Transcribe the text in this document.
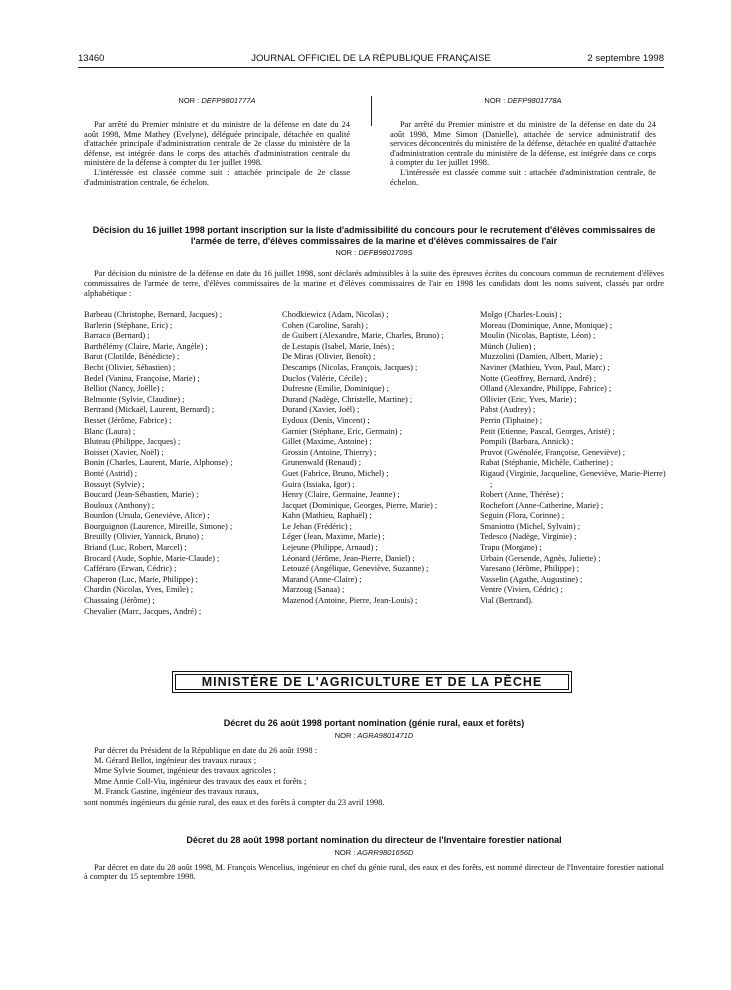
13460	JOURNAL OFFICIEL DE LA RÉPUBLIQUE FRANÇAISE	2 septembre 1998
NOR : DEFP9801777A

Par arrêté du Premier ministre et du ministre de la défense en date du 24 août 1998, Mme Mathey (Evelyne), déléguée principale, détachée en qualité d'attachée principale d'administration centrale de 2e classe du ministère de la défense, est intégrée dans le corps des attachés d'administration centrale du ministère de la défense à compter du 1er juillet 1998.

L'intéressée est classée comme suit : attachée principale de 2e classe d'administration centrale, 6e échelon.

NOR : DEFP9801778A

Par arrêté du Premier ministre et du ministre de la défense en date du 24 août 1998, Mme Simon (Danielle), attachée de service administratif des services déconcentrés du ministère de la défense, détachée en qualité d'attachée d'administration centrale du ministère de la défense, est intégrée dans ce corps à compter du 1er juillet 1998.

L'intéressée est classée comme suit : attachée d'administration centrale, 8e échelon.

Décision du 16 juillet 1998 portant inscription sur la liste d'admissibilité du concours pour le recrutement d'élèves commissaires de l'armée de terre, d'élèves commissaires de la marine et d'élèves commissaires de l'air

NOR : DEFB9801709S

Par décision du ministre de la défense en date du 16 juillet 1998, sont déclarés admissibles à la suite des épreuves écrites du concours commun de recrutement d'élèves commissaires de l'armée de terre, d'élèves commissaires de la marine et d'élèves commissaires de l'air en 1998 les candidats dont les noms suivent, classés par ordre alphabétique :

Barbeau (Christophe, Bernard, Jacques) ;
Barlerin (Stéphane, Eric) ;
Barraco (Bernard) ;
Barthélémy (Claire, Marie, Angèle) ;
Barut (Clotilde, Bénédicte) ;
Becht (Olivier, Sébastien) ;
Bedel (Vanina, Françoise, Marie) ;
Belliot (Nancy, Joëlle) ;
Belmonte (Sylvie, Claudine) ;
Bertrand (Mickaël, Laurent, Bernard) ;
Besset (Jérôme, Fabrice) ;
Blanc (Laura) ;
Bluteau (Philippe, Jacques) ;
Boisset (Xavier, Noël) ;
Bonin (Charles, Laurent, Marie, Alphonse) ;
Bonté (Astrid) ;
Bossuyt (Sylvie) ;
Boucard (Jean-Sébastien, Marie) ;
Bouloux (Anthony) ;
Bourdon (Ursula, Geneviève, Alice) ;
Bourguignon (Laurence, Mireille, Simone) ;
Breuilly (Olivier, Yannick, Bruno) ;
Briand (Luc, Robert, Marcel) ;
Brocard (Aude, Sophie, Marie-Claude) ;
Cafféraro (Erwan, Cédric) ;
Chaperon (Luc, Marie, Philippe) ;
Chardin (Nicolas, Yves, Emile) ;
Chassaing (Jérôme) ;
Chevalier (Marc, Jacques, André) ;
Chodkiewicz (Adam, Nicolas) ;
Cohen (Caroline, Sarah) ;
de Guibert (Alexandre, Marie, Charles, Bruno) ;
de Lestapis (Isabel, Marie, Inès) ;
De Miras (Olivier, Benoît) ;
Descamps (Nicolas, François, Jacques) ;
Duclos (Valérie, Cécile) ;
Dufresne (Emilie, Dominique) ;
Durand (Nadège, Christelle, Martine) ;
Durand (Xavier, Joël) ;
Eydoux (Denis, Vincent) ;
Garnier (Stéphane, Eric, Germain) ;
Gillet (Maxime, Antoine) ;
Grossin (Antoine, Thierry) ;
Grunenwald (Renaud) ;
Guet (Fabrice, Bruno, Michel) ;
Guira (Issiaka, Igor) ;
Henry (Claire, Germaine, Jeanne) ;
Jacquet (Dominique, Georges, Pierre, Marie) ;
Kahn (Mathieu, Raphaël) ;
Le Jehan (Frédéric) ;
Léger (Jean, Maxime, Marie) ;
Lejeune (Philippe, Arnaud) ;
Léonard (Jérôme, Jean-Pierre, Daniel) ;
Letouzé (Angélique, Geneviève, Suzanne) ;
Marand (Anne-Claire) ;
Marzoug (Sanaa) ;
Mazenod (Antoine, Pierre, Jean-Louis) ;
Molgo (Charles-Louis) ;
Moreau (Dominique, Anne, Monique) ;
Moulin (Nicolas, Baptiste, Léon) ;
Münch (Julien) ;
Muzzolini (Damien, Albert, Marie) ;
Naviner (Mathieu, Yvon, Paul, Marc) ;
Notte (Geoffrey, Bernard, André) ;
Olland (Alexandre, Philippe, Fabrice) ;
Ollivier (Eric, Yves, Marie) ;
Pabst (Audrey) ;
Perrin (Tiphaine) ;
Petit (Etienne, Pascal, Georges, Aristé) ;
Pompili (Barbara, Annick) ;
Pruvot (Gwénolée, Françoise, Geneviève) ;
Rabat (Stéphanie, Michèle, Catherine) ;
Rigaud (Virginie, Jacqueline, Geneviève, Marie-Pierre) ;
Robert (Anne, Thérèse) ;
Rochefort (Anne-Catherine, Marie) ;
Seguin (Flora, Corinne) ;
Smaniotto (Michel, Sylvain) ;
Tedesco (Nadège, Virginie) ;
Trapu (Morgane) ;
Urbain (Gersende, Agnès, Juliette) ;
Varesano (Jérôme, Philippe) ;
Vasselin (Agathe, Augustine) ;
Ventre (Vivien, Cédric) ;
Vial (Bertrand).
MINISTÈRE DE L'AGRICULTURE ET DE LA PÊCHE

Décret du 26 août 1998 portant nomination (génie rural, eaux et forêts)

NOR : AGRA9801471D
Par décret du Président de la République en date du 26 août 1998 :
M. Gérard Bellot, ingénieur des travaux ruraux ;
Mme Sylvie Soumet, ingénieur des travaux agricoles ;
Mme Annie Coll-Viu, ingénieur des travaux des eaux et forêts ;
M. Franck Gastine, ingénieur des travaux ruraux,
sont nommés ingénieurs du génie rural, des eaux et des forêts à compter du 23 avril 1998.

Décret du 28 août 1998 portant nomination du directeur de l'Inventaire forestier national

NOR : AGRR9801656D

Par décret en date du 28 août 1998, M. François Wencelius, ingénieur en chef du génie rural, des eaux et des forêts, est nommé directeur de l'Inventaire forestier national à compter du 15 septembre 1998.
